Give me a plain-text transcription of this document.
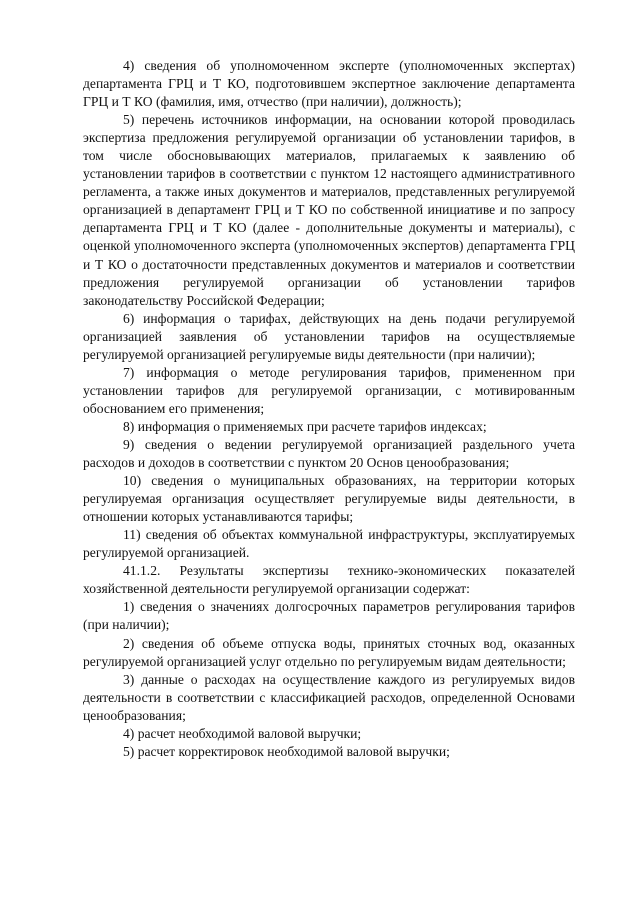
4) сведения об уполномоченном эксперте (уполномоченных экспертах) департамента ГРЦ и Т КО, подготовившем экспертное заключение департамента ГРЦ и Т КО (фамилия, имя, отчество (при наличии), должность);

5) перечень источников информации, на основании которой проводилась экспертиза предложения регулируемой организации об установлении тарифов, в том числе обосновывающих материалов, прилагаемых к заявлению об установлении тарифов в соответствии с пунктом 12 настоящего административного регламента, а также иных документов и материалов, представленных регулируемой организацией в департамент ГРЦ и Т КО по собственной инициативе и по запросу департамента ГРЦ и Т КО (далее - дополнительные документы и материалы), с оценкой уполномоченного эксперта (уполномоченных экспертов) департамента ГРЦ и Т КО о достаточности представленных документов и материалов и соответствии предложения регулируемой организации об установлении тарифов законодательству Российской Федерации;

6) информация о тарифах, действующих на день подачи регулируемой организацией заявления об установлении тарифов на осуществляемые регулируемой организацией регулируемые виды деятельности (при наличии);

7) информация о методе регулирования тарифов, примененном при установлении тарифов для регулируемой организации, с мотивированным обоснованием его применения;

8) информация о применяемых при расчете тарифов индексах;

9) сведения о ведении регулируемой организацией раздельного учета расходов и доходов в соответствии с пунктом 20 Основ ценообразования;

10) сведения о муниципальных образованиях, на территории которых регулируемая организация осуществляет регулируемые виды деятельности, в отношении которых устанавливаются тарифы;

11) сведения об объектах коммунальной инфраструктуры, эксплуатируемых регулируемой организацией.

41.1.2. Результаты экспертизы технико-экономических показателей хозяйственной деятельности регулируемой организации содержат:

1) сведения о значениях долгосрочных параметров регулирования тарифов (при наличии);

2) сведения об объеме отпуска воды, принятых сточных вод, оказанных регулируемой организацией услуг отдельно по регулируемым видам деятельности;

3) данные о расходах на осуществление каждого из регулируемых видов деятельности в соответствии с классификацией расходов, определенной Основами ценообразования;

4) расчет необходимой валовой выручки;

5) расчет корректировок необходимой валовой выручки;
